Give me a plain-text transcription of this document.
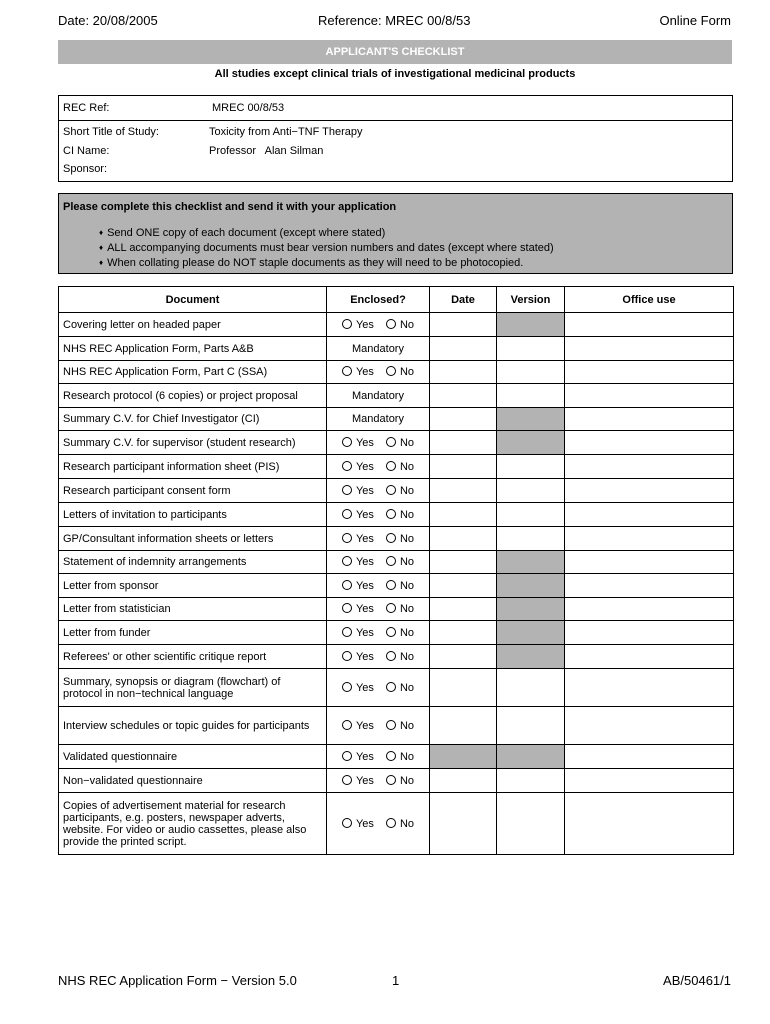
Date: 20/08/2005	Reference: MREC 00/8/53	Online Form
APPLICANT'S CHECKLIST
All studies except clinical trials of investigational medicinal products
REC Ref:	MREC 00/8/53
Short Title of Study:	Toxicity from Anti−TNF Therapy
CI Name:	Professor   Alan Silman
Sponsor:
Please complete this checklist and send it with your application
♦ Send ONE copy of each document (except where stated)
♦ ALL accompanying documents must bear version numbers and dates (except where stated)
♦ When collating please do NOT staple documents as they will need to be photocopied.
Document	Enclosed?	Date	Version	Office use
Covering letter on headed paper	Yes No			
NHS REC Application Form, Parts A&B	Mandatory			
NHS REC Application Form, Part C (SSA)	Yes No			
Research protocol (6 copies) or project proposal	Mandatory			
Summary C.V. for Chief Investigator (CI)	Mandatory			
Summary C.V. for supervisor (student research)	Yes No			
Research participant information sheet (PIS)	Yes No			
Research participant consent form	Yes No			
Letters of invitation to participants	Yes No			
GP/Consultant information sheets or letters	Yes No			
Statement of indemnity arrangements	Yes No			
Letter from sponsor	Yes No			
Letter from statistician	Yes No			
Letter from funder	Yes No			
Referees' or other scientific critique report	Yes No			
Summary, synopsis or diagram (flowchart) of protocol in non−technical language	Yes No			
Interview schedules or topic guides for participants	Yes No			
Validated questionnaire	Yes No			
Non−validated questionnaire	Yes No			
Copies of advertisement material for research participants, e.g. posters, newspaper adverts, website. For video or audio cassettes, please also provide the printed script.	Yes No			
NHS REC Application Form − Version 5.0	1	AB/50461/1
